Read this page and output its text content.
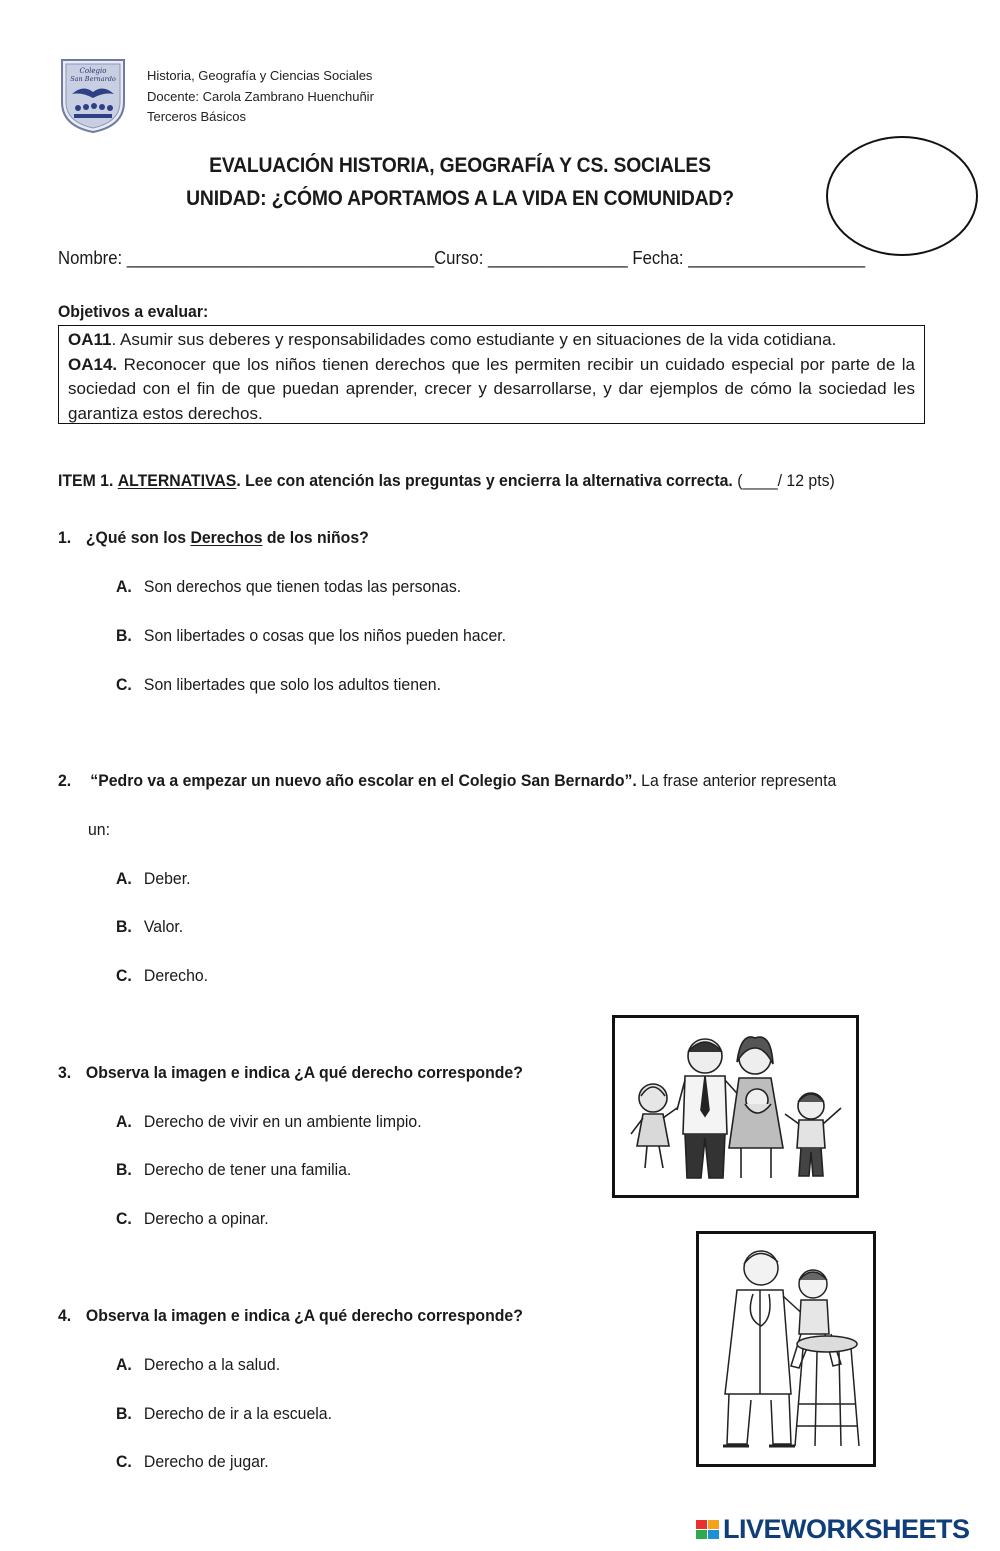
Colegio
San Bernardo Historia, Geografía y Ciencias Sociales
Docente: Carola Zambrano Huenchuñir
Terceros Básicos
EVALUACIÓN HISTORIA, GEOGRAFÍA Y CS. SOCIALES
UNIDAD: ¿CÓMO APORTAMOS A LA VIDA EN COMUNIDAD?
Nombre: _________________________________Curso: _______________ Fecha: ___________________
Objetivos a evaluar:

OA11. Asumir sus deberes y responsabilidades como estudiante y en situaciones de la vida cotidiana.

OA14. Reconocer que los niños tienen derechos que les permiten recibir un cuidado especial por parte de la sociedad con el fin de que puedan aprender, crecer y desarrollarse, y dar ejemplos de cómo la sociedad les garantiza estos derechos.

ITEM 1. ALTERNATIVAS. Lee con atención las preguntas y encierra la alternativa correcta. (____/ 12 pts)
1. ¿Qué son los Derechos de los niños?
A. Son derechos que tienen todas las personas.
B. Son libertades o cosas que los niños pueden hacer.
C. Son libertades que solo los adultos tienen.
2. “Pedro va a empezar un nuevo año escolar en el Colegio San Bernardo”. La frase anterior representa
un:
A. Deber.
B. Valor.
C. Derecho.
3. Observa la imagen e indica ¿A qué derecho corresponde?
A. Derecho de vivir en un ambiente limpio.
B. Derecho de tener una familia.
C. Derecho a opinar.
4. Observa la imagen e indica ¿A qué derecho corresponde?
A. Derecho a la salud.
B. Derecho de ir a la escuela.
C. Derecho de jugar.
LIVEWORKSHEETS
